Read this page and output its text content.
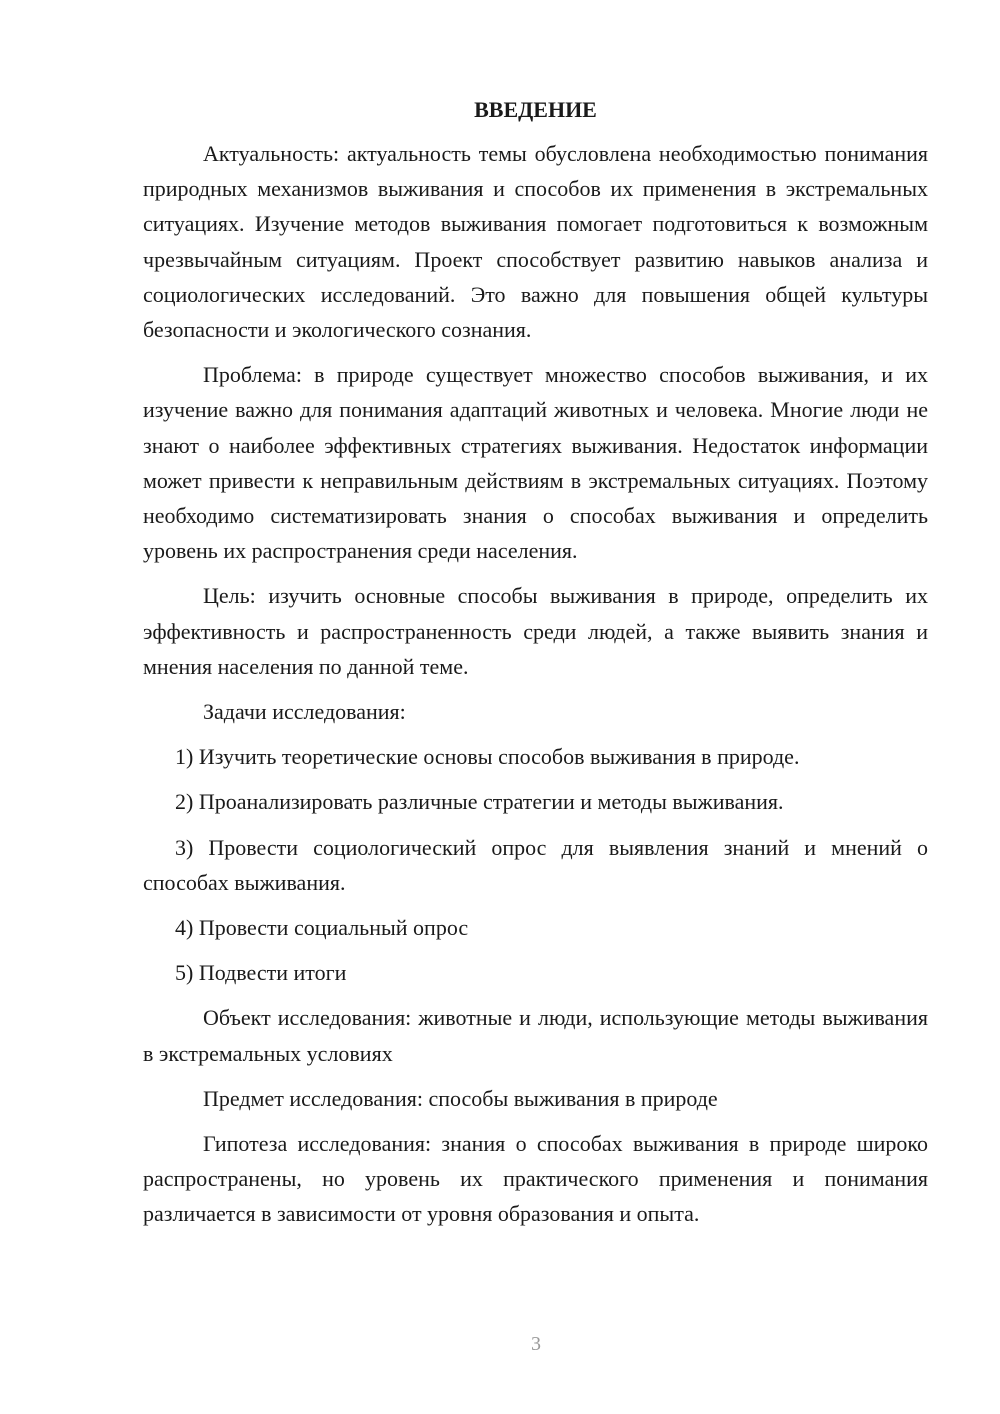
ВВЕДЕНИЕ

Актуальность: актуальность темы обусловлена необходимостью понимания природных механизмов выживания и способов их применения в экстремальных ситуациях. Изучение методов выживания помогает подготовиться к возможным чрезвычайным ситуациям. Проект способствует развитию навыков анализа и социологических исследований. Это важно для повышения общей культуры безопасности и экологического сознания.

Проблема: в природе существует множество способов выживания, и их изучение важно для понимания адаптаций животных и человека. Многие люди не знают о наиболее эффективных стратегиях выживания. Недостаток информации может привести к неправильным действиям в экстремальных ситуациях. Поэтому необходимо систематизировать знания о способах выживания и определить уровень их распространения среди населения.

Цель: изучить основные способы выживания в природе, определить их эффективность и распространенность среди людей, а также выявить знания и мнения населения по данной теме.

Задачи исследования:

1) Изучить теоретические основы способов выживания в природе.

2) Проанализировать различные стратегии и методы выживания.

3) Провести социологический опрос для выявления знаний и мнений о способах выживания.

4) Провести социальный опрос

5) Подвести итоги

Объект исследования: животные и люди, использующие методы выживания в экстремальных условиях

Предмет исследования: способы выживания в природе

Гипотеза исследования: знания о способах выживания в природе широко распространены, но уровень их практического применения и понимания различается в зависимости от уровня образования и опыта.

3
